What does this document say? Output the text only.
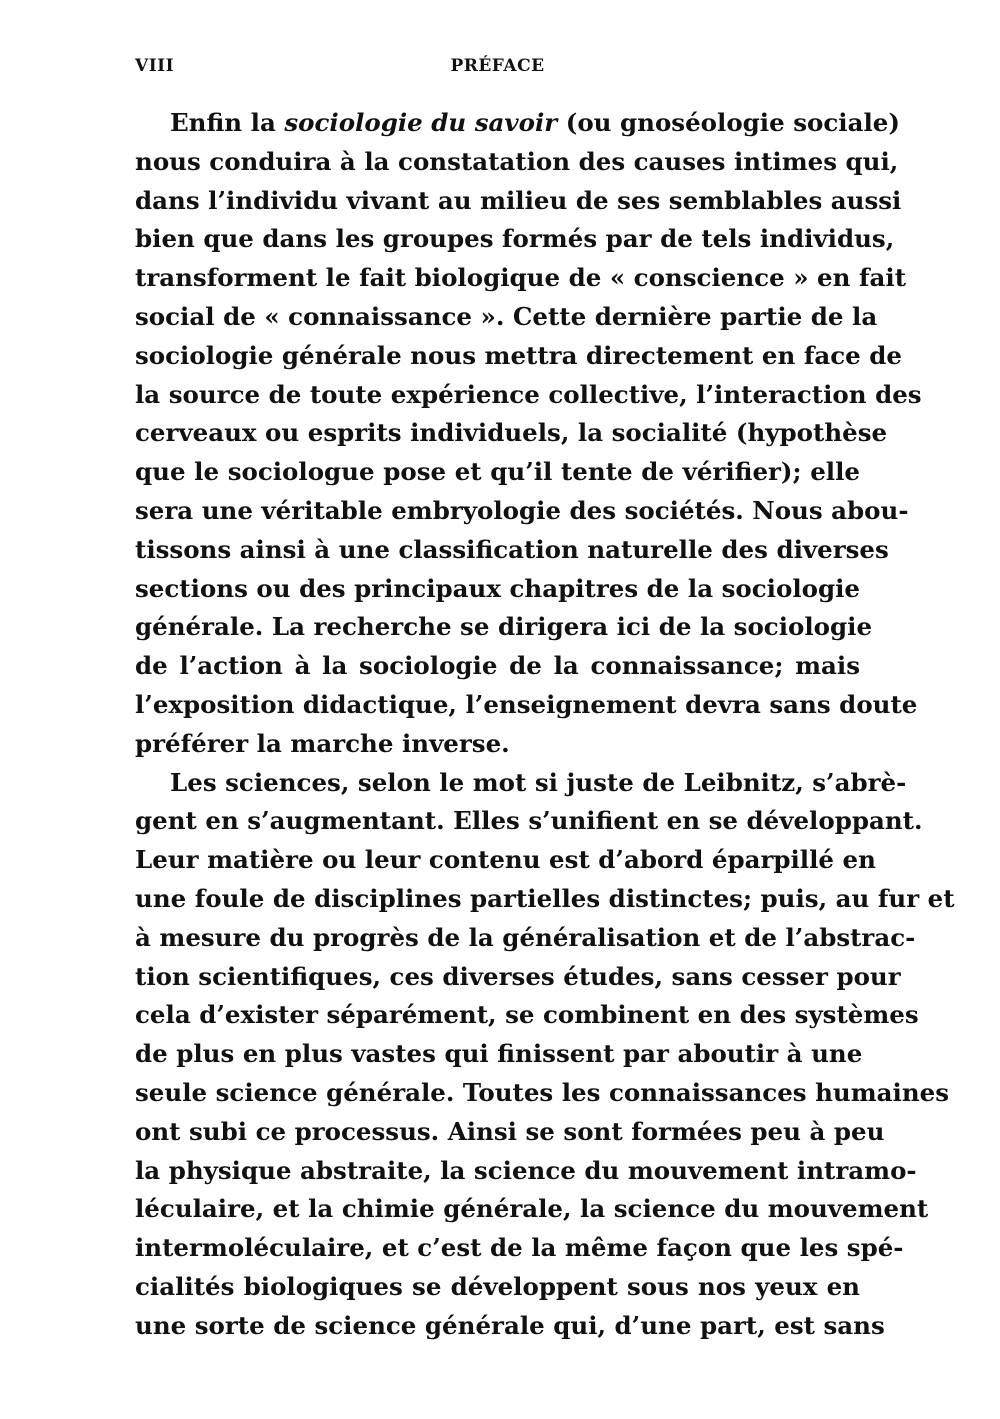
VIII	PRÉFACE
Enfin la sociologie du savoir (ou gnoséologie sociale)
nous conduira à la constatation des causes intimes qui,
dans l’individu vivant au milieu de ses semblables aussi
bien que dans les groupes formés par de tels individus,
transforment le fait biologique de « conscience » en fait
social de « connaissance ». Cette dernière partie de la
sociologie générale nous mettra directement en face de
la source de toute expérience collective, l’interaction des
cerveaux ou esprits individuels, la socialité (hypothèse
que le sociologue pose et qu’il tente de vérifier); elle
sera une véritable embryologie des sociétés. Nous abou-
tissons ainsi à une classification naturelle des diverses
sections ou des principaux chapitres de la sociologie
générale. La recherche se dirigera ici de la sociologie
de l’action à la sociologie de la connaissance; mais
l’exposition didactique, l’enseignement devra sans doute
préférer la marche inverse.
Les sciences, selon le mot si juste de Leibnitz, s’abrè-
gent en s’augmentant. Elles s’unifient en se développant.
Leur matière ou leur contenu est d’abord éparpillé en
une foule de disciplines partielles distinctes; puis, au fur et
à mesure du progrès de la généralisation et de l’abstrac-
tion scientifiques, ces diverses études, sans cesser pour
cela d’exister séparément, se combinent en des systèmes
de plus en plus vastes qui finissent par aboutir à une
seule science générale. Toutes les connaissances humaines
ont subi ce processus. Ainsi se sont formées peu à peu
la physique abstraite, la science du mouvement intramo-
léculaire, et la chimie générale, la science du mouvement
intermoléculaire, et c’est de la même façon que les spé-
cialités biologiques se développent sous nos yeux en
une sorte de science générale qui, d’une part, est sans
